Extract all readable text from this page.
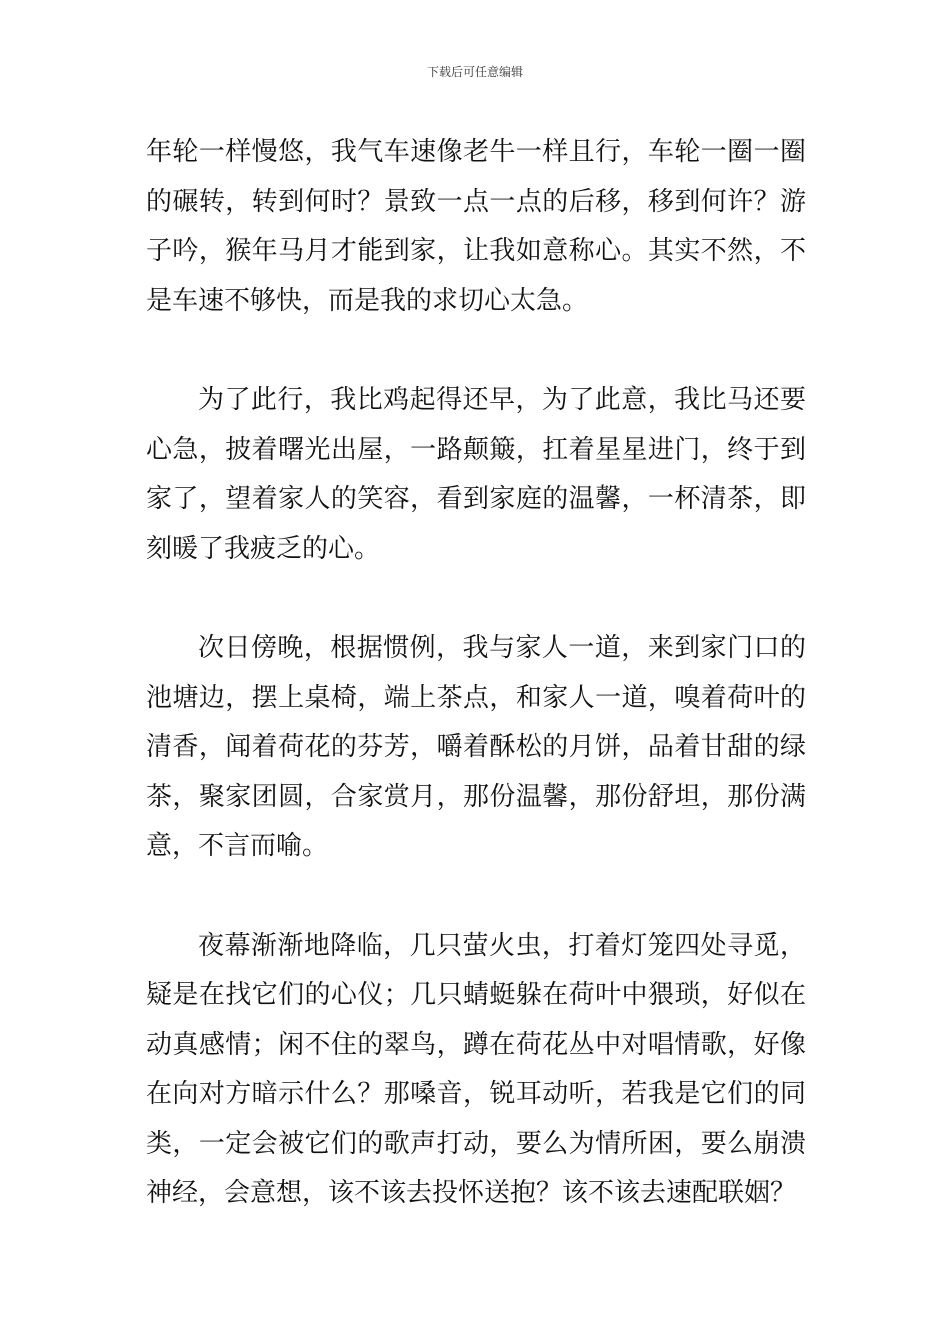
下载后可任意编辑

年轮一样慢悠，我气车速像老牛一样且行，车轮一圈一圈的碾转，转到何时？景致一点一点的后移，移到何许？游子吟，猴年马月才能到家，让我如意称心。其实不然，不是车速不够快，而是我的求切心太急。

为了此行，我比鸡起得还早，为了此意，我比马还要心急，披着曙光出屋，一路颠簸，扛着星星进门，终于到家了，望着家人的笑容，看到家庭的温馨，一杯清茶，即刻暖了我疲乏的心。

次日傍晚，根据惯例，我与家人一道，来到家门口的池塘边，摆上桌椅，端上茶点，和家人一道，嗅着荷叶的清香，闻着荷花的芬芳，嚼着酥松的月饼，品着甘甜的绿茶，聚家团圆，合家赏月，那份温馨，那份舒坦，那份满意，不言而喻。

夜幕渐渐地降临，几只萤火虫，打着灯笼四处寻觅，疑是在找它们的心仪；几只蜻蜓躲在荷叶中猥琐，好似在动真感情；闲不住的翠鸟，蹲在荷花丛中对唱情歌，好像在向对方暗示什么？那嗓音，锐耳动听，若我是它们的同类，一定会被它们的歌声打动，要么为情所困，要么崩溃神经，会意想，该不该去投怀送抱？该不该去速配联姻？
